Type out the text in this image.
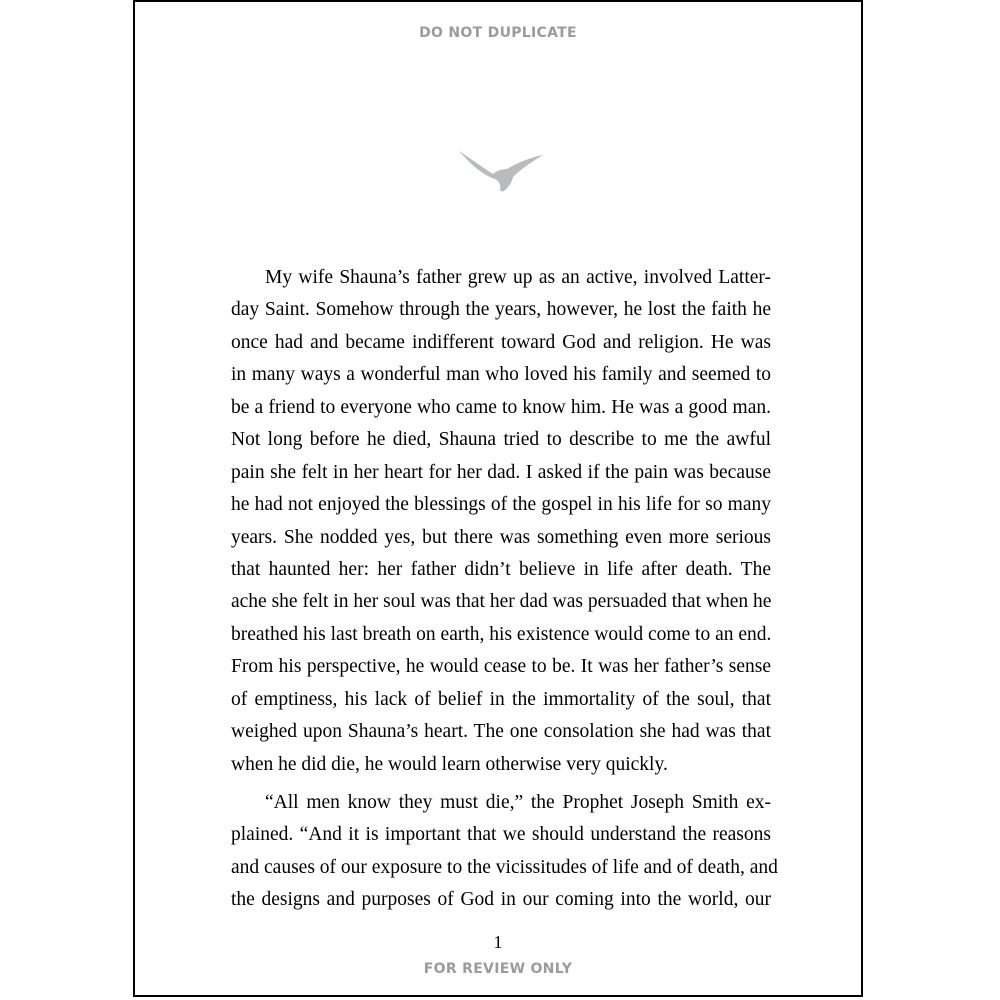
DO NOT DUPLICATE
My wife Shauna’s father grew up as an active, involved Latter-
day Saint. Somehow through the years, however, he lost the faith he
once had and became indifferent toward God and religion. He was
in many ways a wonderful man who loved his family and seemed to
be a friend to everyone who came to know him. He was a good man.
Not long before he died, Shauna tried to describe to me the awful
pain she felt in her heart for her dad. I asked if the pain was because
he had not enjoyed the blessings of the gospel in his life for so many
years. She nodded yes, but there was something even more serious
that haunted her: her father didn’t believe in life after death. The
ache she felt in her soul was that her dad was persuaded that when he
breathed his last breath on earth, his existence would come to an end.
From his perspective, he would cease to be. It was her father’s sense
of emptiness, his lack of belief in the immortality of the soul, that
weighed upon Shauna’s heart. The one consolation she had was that
when he did die, he would learn otherwise very quickly.
“All men know they must die,” the Prophet Joseph Smith ex-
plained. “And it is important that we should understand the reasons
and causes of our exposure to the vicissitudes of life and of death, and
the designs and purposes of God in our coming into the world, our
1
FOR REVIEW ONLY
